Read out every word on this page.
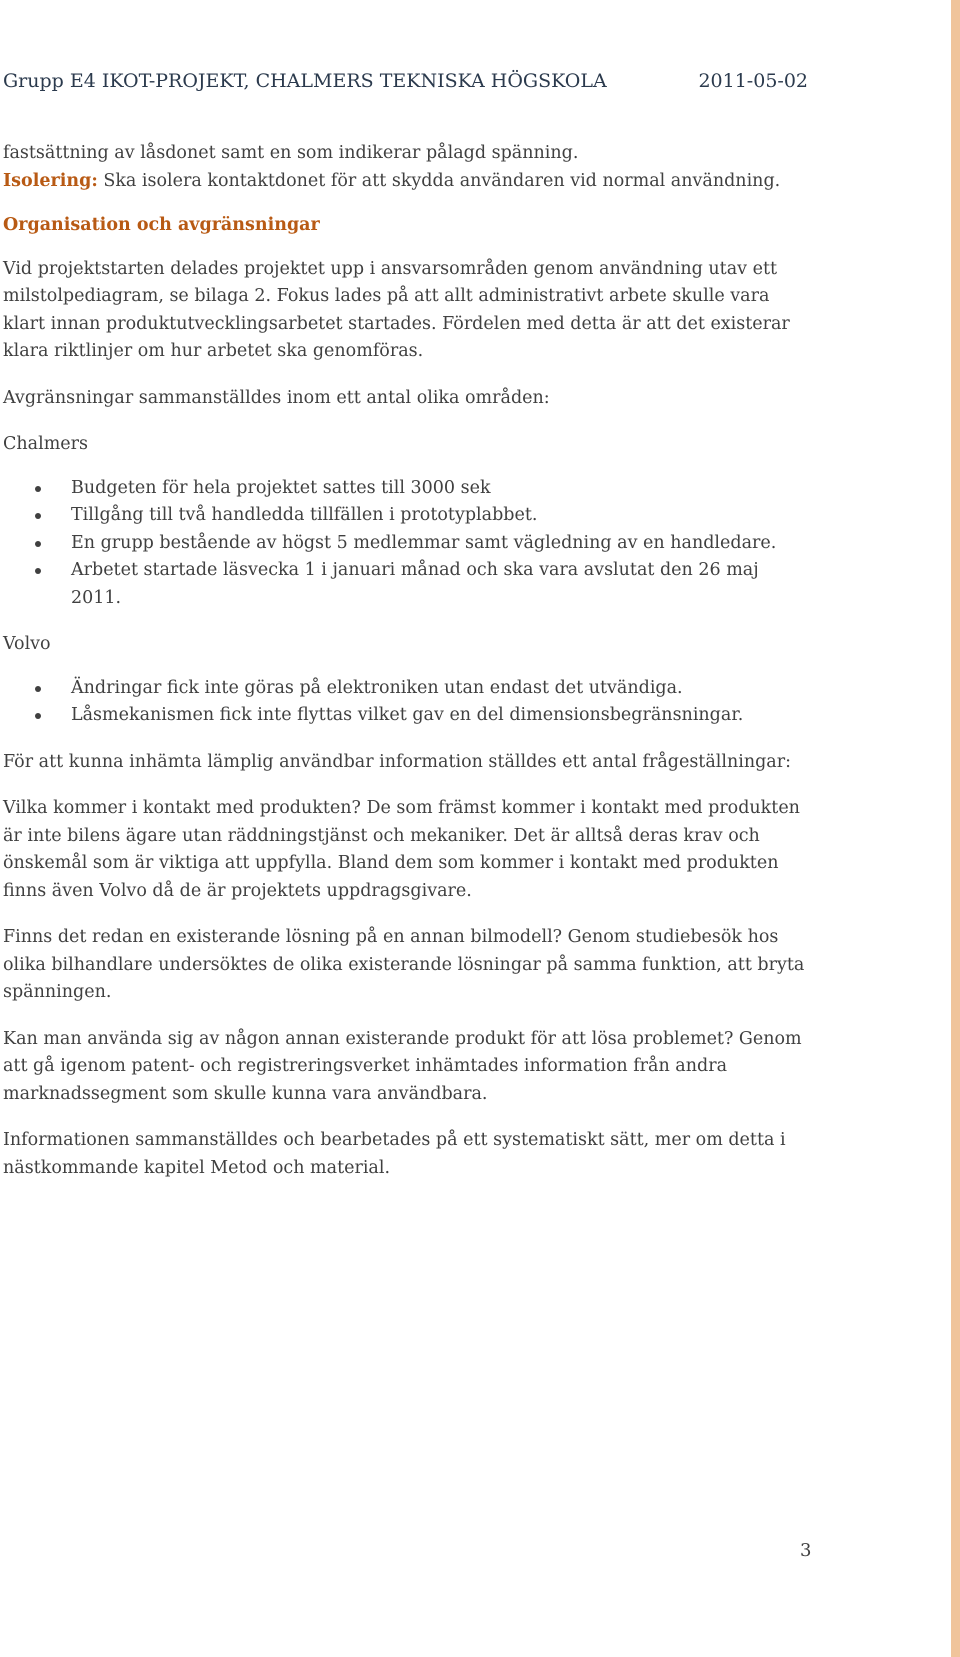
Grupp E4 IKOT-PROJEKT, CHALMERS TEKNISKA HÖGSKOLA	2011-05-02

fastsättning av låsdonet samt en som indikerar pålagd spänning.

Isolering: Ska isolera kontaktdonet för att skydda användaren vid normal användning.

Organisation och avgränsningar

Vid projektstarten delades projektet upp i ansvarsområden genom användning utav ett milstolpediagram, se bilaga 2. Fokus lades på att allt administrativt arbete skulle vara klart innan produktutvecklingsarbetet startades. Fördelen med detta är att det existerar klara riktlinjer om hur arbetet ska genomföras.

Avgränsningar sammanställdes inom ett antal olika områden:

Chalmers

Budgeten för hela projektet sattes till 3000 sek
Tillgång till två handledda tillfällen i prototyplabbet.
En grupp bestående av högst 5 medlemmar samt vägledning av en handledare.
Arbetet startade läsvecka 1 i januari månad och ska vara avslutat den 26 maj 2011.

Volvo

Ändringar fick inte göras på elektroniken utan endast det utvändiga.
Låsmekanismen fick inte flyttas vilket gav en del dimensionsbegränsningar.

För att kunna inhämta lämplig användbar information ställdes ett antal frågeställningar:

Vilka kommer i kontakt med produkten? De som främst kommer i kontakt med produkten är inte bilens ägare utan räddningstjänst och mekaniker. Det är alltså deras krav och önskemål som är viktiga att uppfylla. Bland dem som kommer i kontakt med produkten finns även Volvo då de är projektets uppdragsgivare.

Finns det redan en existerande lösning på en annan bilmodell? Genom studiebesök hos olika bilhandlare undersöktes de olika existerande lösningar på samma funktion, att bryta spänningen.

Kan man använda sig av någon annan existerande produkt för att lösa problemet? Genom att gå igenom patent- och registreringsverket inhämtades information från andra marknadssegment som skulle kunna vara användbara.

Informationen sammanställdes och bearbetades på ett systematiskt sätt, mer om detta i nästkommande kapitel Metod och material.

3
